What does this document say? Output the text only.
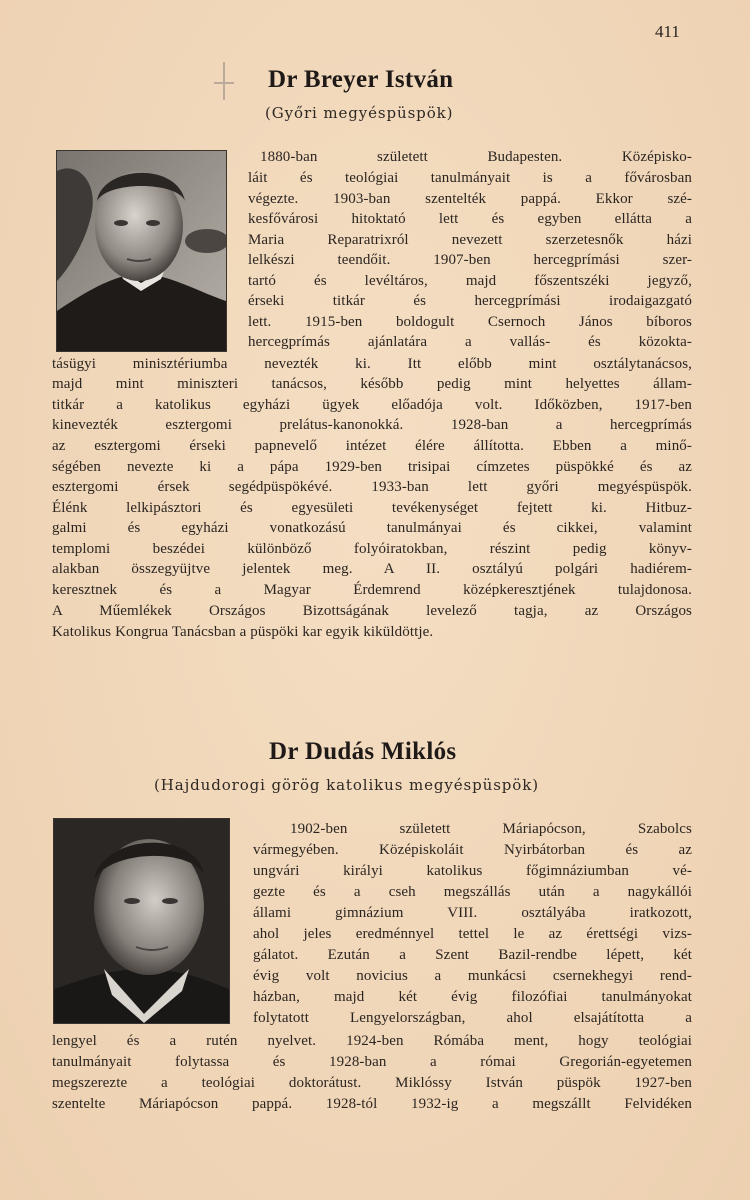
411
Dr Breyer István
(Győri megyéspüspök)
1880-ban született Budapesten. Középisko-
láit és teológiai tanulmányait is a fővárosban
végezte. 1903-ban szentelték pappá. Ekkor szé-
kesfővárosi hitoktató lett és egyben ellátta a
Maria Reparatrixról nevezett szerzetesnők házi
lelkészi teendőit. 1907-ben hercegprímási szer-
tartó és levéltáros, majd főszentszéki jegyző,
érseki titkár és hercegprímási irodaigazgató
lett. 1915-ben boldogult Csernoch János bíboros
hercegprímás ajánlatára a vallás- és közokta-
tásügyi minisztériumba nevezték ki. Itt előbb mint osztálytanácsos,
majd mint miniszteri tanácsos, később pedig mint helyettes állam-
titkár a katolikus egyházi ügyek előadója volt. Időközben, 1917-ben
kinevezték esztergomi prelátus-kanonokká. 1928-ban a hercegprímás
az esztergomi érseki papnevelő intézet élére állította. Ebben a minő-
ségében nevezte ki a pápa 1929-ben trisipai címzetes püspökké és az
esztergomi érsek segédpüspökévé. 1933-ban lett győri megyéspüspök.
Élénk lelkipásztori és egyesületi tevékenységet fejtett ki. Hitbuz-
galmi és egyházi vonatkozású tanulmányai és cikkei, valamint
templomi beszédei különböző folyóiratokban, részint pedig könyv-
alakban összegyüjtve jelentek meg. A II. osztályú polgári hadiérem-
keresztnek és a Magyar Érdemrend középkeresztjének tulajdonosa.
A Műemlékek Országos Bizottságának levelező tagja, az Országos
Katolikus Kongrua Tanácsban a püspöki kar egyik kiküldöttje.
Dr Dudás Miklós
(Hajdudorogi görög katolikus megyéspüspök)
1902-ben született Máriapócson, Szabolcs
vármegyében. Középiskoláit Nyirbátorban és az
ungvári királyi katolikus főgimnáziumban vé-
gezte és a cseh megszállás után a nagykállói
állami gimnázium VIII. osztályába iratkozott,
ahol jeles eredménnyel tettel le az érettségi vizs-
gálatot. Ezután a Szent Bazil-rendbe lépett, két
évig volt novicius a munkácsi csernekhegyi rend-
házban, majd két évig filozófiai tanulmányokat
folytatott Lengyelországban, ahol elsajátította a
lengyel és a rutén nyelvet. 1924-ben Rómába ment, hogy teológiai
tanulmányait folytassa és 1928-ban a római Gregorián-egyetemen
megszerezte a teológiai doktorátust. Miklóssy István püspök 1927-ben
szentelte Máriapócson pappá. 1928-tól 1932-ig a megszállt Felvidéken
